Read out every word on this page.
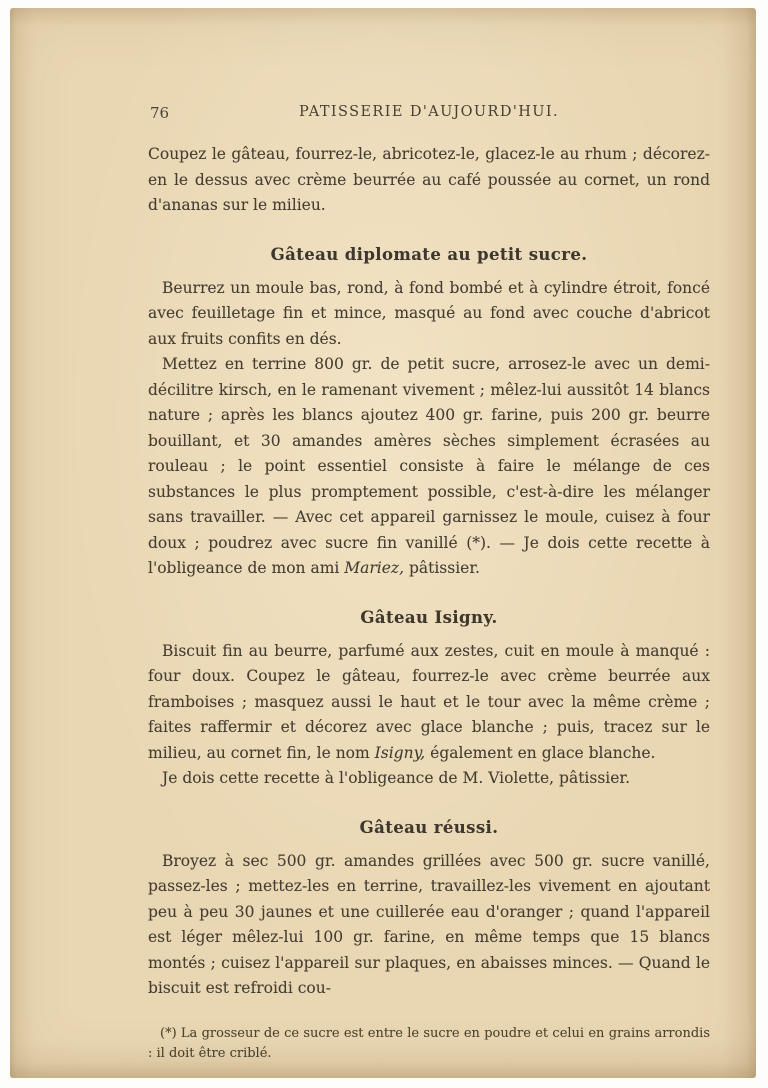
76	PATISSERIE D'AUJOURD'HUI.

Coupez le gâteau, fourrez-le, abricotez-le, glacez-le au rhum ; décorez-en le dessus avec crème beurrée au café poussée au cornet, un rond d'ananas sur le milieu.

Gâteau diplomate au petit sucre.

Beurrez un moule bas, rond, à fond bombé et à cylindre étroit, foncé avec feuilletage fin et mince, masqué au fond avec couche d'abricot aux fruits confits en dés.

Mettez en terrine 800 gr. de petit sucre, arrosez-le avec un demi-décilitre kirsch, en le ramenant vivement ; mêlez-lui aussitôt 14 blancs nature ; après les blancs ajoutez 400 gr. farine, puis 200 gr. beurre bouillant, et 30 amandes amères sèches simplement écrasées au rouleau ; le point essentiel consiste à faire le mélange de ces substances le plus promptement possible, c'est-à-dire les mélanger sans travailler. — Avec cet appareil garnissez le moule, cuisez à four doux ; poudrez avec sucre fin vanillé (*). — Je dois cette recette à l'obligeance de mon ami Mariez, pâtissier.

Gâteau Isigny.

Biscuit fin au beurre, parfumé aux zestes, cuit en moule à manqué : four doux. Coupez le gâteau, fourrez-le avec crème beurrée aux framboises ; masquez aussi le haut et le tour avec la même crème ; faites raffermir et décorez avec glace blanche ; puis, tracez sur le milieu, au cornet fin, le nom Isigny, également en glace blanche.

Je dois cette recette à l'obligeance de M. Violette, pâtissier.

Gâteau réussi.

Broyez à sec 500 gr. amandes grillées avec 500 gr. sucre vanillé, passez-les ; mettez-les en terrine, travaillez-les vivement en ajoutant peu à peu 30 jaunes et une cuillerée eau d'oranger ; quand l'appareil est léger mêlez-lui 100 gr. farine, en même temps que 15 blancs montés ; cuisez l'appareil sur plaques, en abaisses minces. — Quand le biscuit est refroidi cou-

(*) La grosseur de ce sucre est entre le sucre en poudre et celui en grains arrondis : il doit être criblé.
